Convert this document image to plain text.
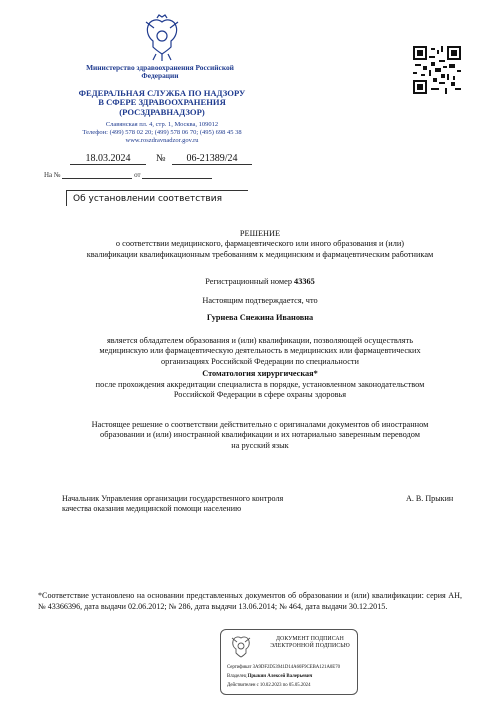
Министерство здравоохранения Российской Федерации
ФЕДЕРАЛЬНАЯ СЛУЖБА ПО НАДЗОРУ
В СФЕРЕ ЗДРАВООХРАНЕНИЯ
(РОСЗДРАВНАДЗОР)
Славянская пл. 4, стр. 1, Москва, 109012
Телефон: (499) 578 02 20; (499) 578 06 70; (495) 698 45 38
www.roszdravnadzor.gov.ru
18.03.2024	№	06-21389/24
На №	от
Об установлении соответствия
РЕШЕНИЕ
о соответствии медицинского, фармацевтического или иного образования и (или)
квалификации квалификационным требованиям к медицинским и фармацевтическим работникам
Регистрационный номер 43365
Настоящим подтверждается, что
Гурнева Снежина Ивановна
является обладателем образования и (или) квалификации, позволяющей осуществлять
медицинскую или фармацевтическую деятельность в медицинских или фармацевтических
организациях Российской Федерации по специальности
Стоматология хирургическая*
после прохождения аккредитации специалиста в порядке, установленном законодательством
Российской Федерации в сфере охраны здоровья
Настоящее решение о соответствии действительно с оригиналами документов об иностранном
образовании и (или) иностранной квалификации и их нотариально заверенным переводом
на русский язык
Начальник Управления организации государственного контроля
качества оказания медицинской помощи населению
А. В. Прыкин
*Соответствие установлено на основании представленных документов об образовании и (или) квалификации: серия АН, № 43366396, дата выдачи 02.06.2012; № 286, дата выдачи 13.06.2014; № 464, дата выдачи 30.12.2015.
ДОКУМЕНТ ПОДПИСАН
ЭЛЕКТРОННОЙ ПОДПИСЬЮ
Сертификат 3A9DF2D53941D14A60F9CEBA121A0E70
Владелец Прыкин Алексей Валерьевич
Действителен с 10.02.2023 по 05.05.2024
